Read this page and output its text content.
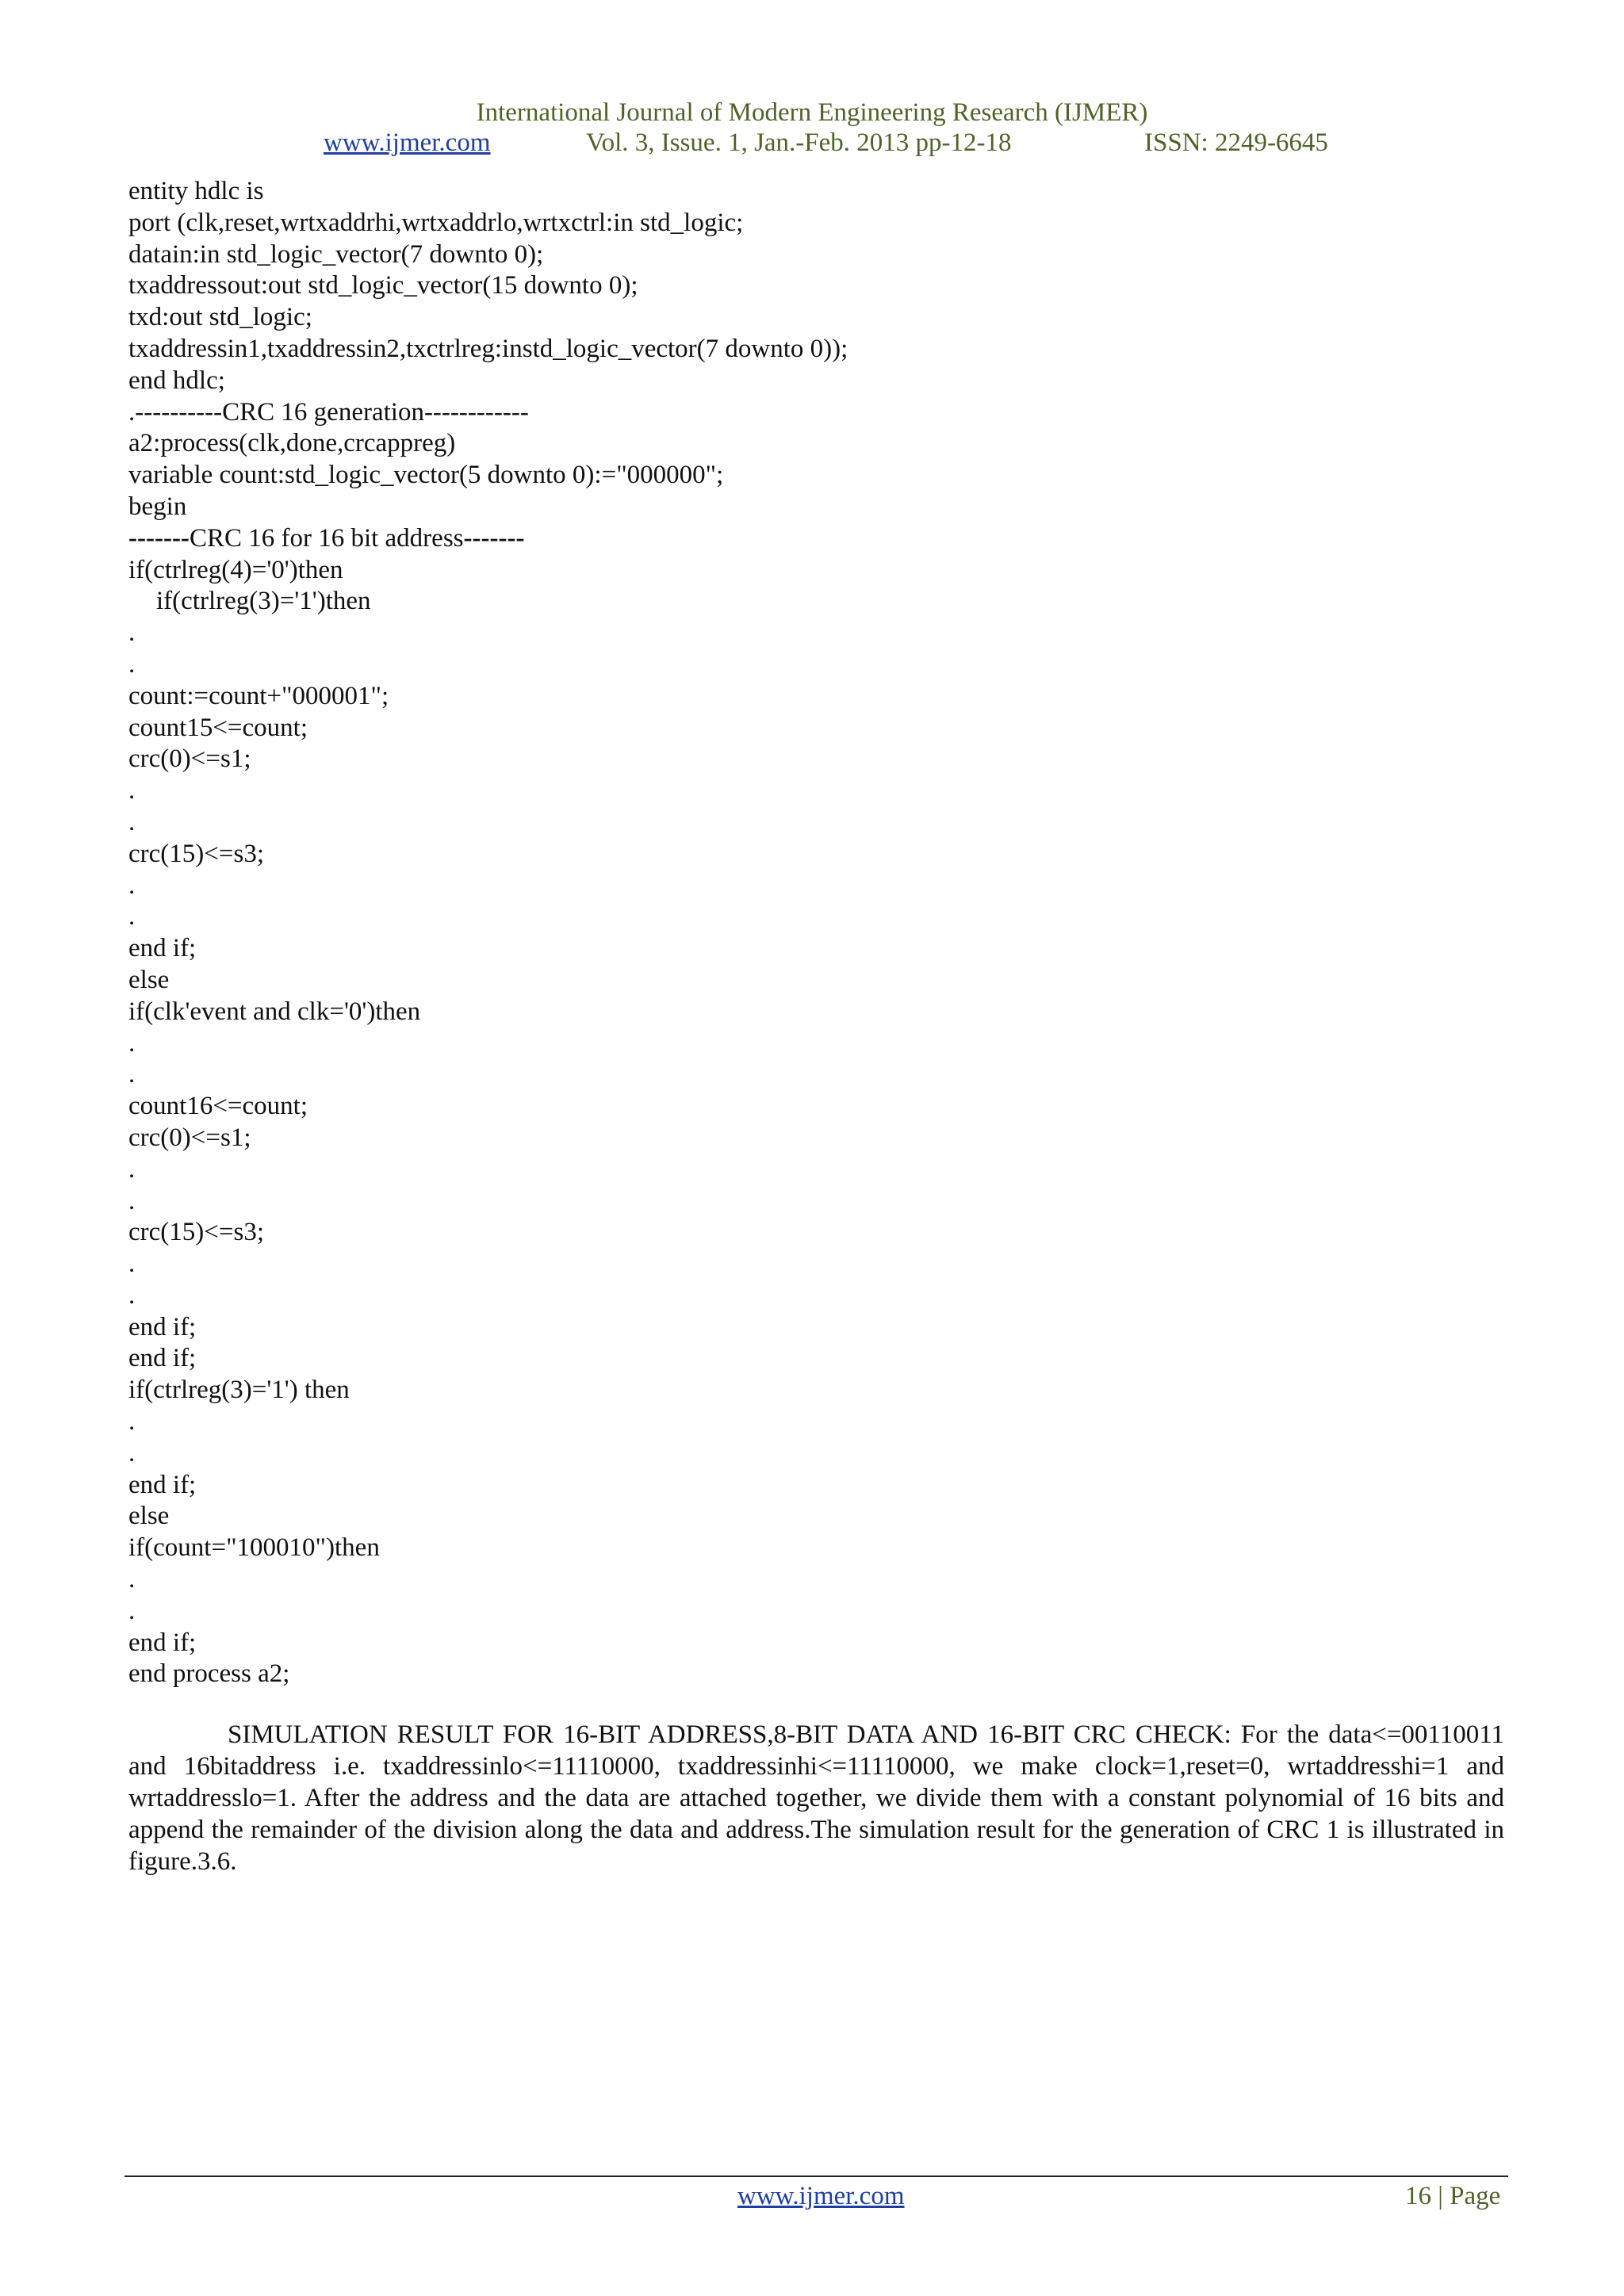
International Journal of Modern Engineering Research (IJMER)
www.ijmer.com	Vol. 3, Issue. 1, Jan.-Feb. 2013 pp-12-18	ISSN: 2249-6645
entity hdlc is
port (clk,reset,wrtxaddrhi,wrtxaddrlo,wrtxctrl:in std_logic;
datain:in std_logic_vector(7 downto 0);
txaddressout:out std_logic_vector(15 downto 0);
txd:out std_logic;
txaddressin1,txaddressin2,txctrlreg:instd_logic_vector(7 downto 0));
end hdlc;
.----------CRC 16 generation------------
a2:process(clk,done,crcappreg)
variable count:std_logic_vector(5 downto 0):="000000";
begin
-------CRC 16 for 16 bit address-------
if(ctrlreg(4)='0')then
if(ctrlreg(3)='1')then
.
.
count:=count+"000001";
count15<=count;
crc(0)<=s1;
.
.
crc(15)<=s3;
.
.
end if;
else
if(clk'event and clk='0')then
.
.
count16<=count;
crc(0)<=s1;
.
.
crc(15)<=s3;
.
.
end if;
end if;
if(ctrlreg(3)='1') then
.
.
end if;
else
if(count="100010")then
.
.
end if;
end process a2;

SIMULATION RESULT FOR 16-BIT ADDRESS,8-BIT DATA AND 16-BIT CRC CHECK: For the data<=00110011 and 16bitaddress i.e. txaddressinlo<=11110000, txaddressinhi<=11110000, we make clock=1,reset=0, wrtaddresshi=1 and wrtaddresslo=1. After the address and the data are attached together, we divide them with a constant polynomial of 16 bits and append the remainder of the division along the data and address.The simulation result for the generation of CRC 1 is illustrated in figure.3.6.

www.ijmer.com	16 | Page
